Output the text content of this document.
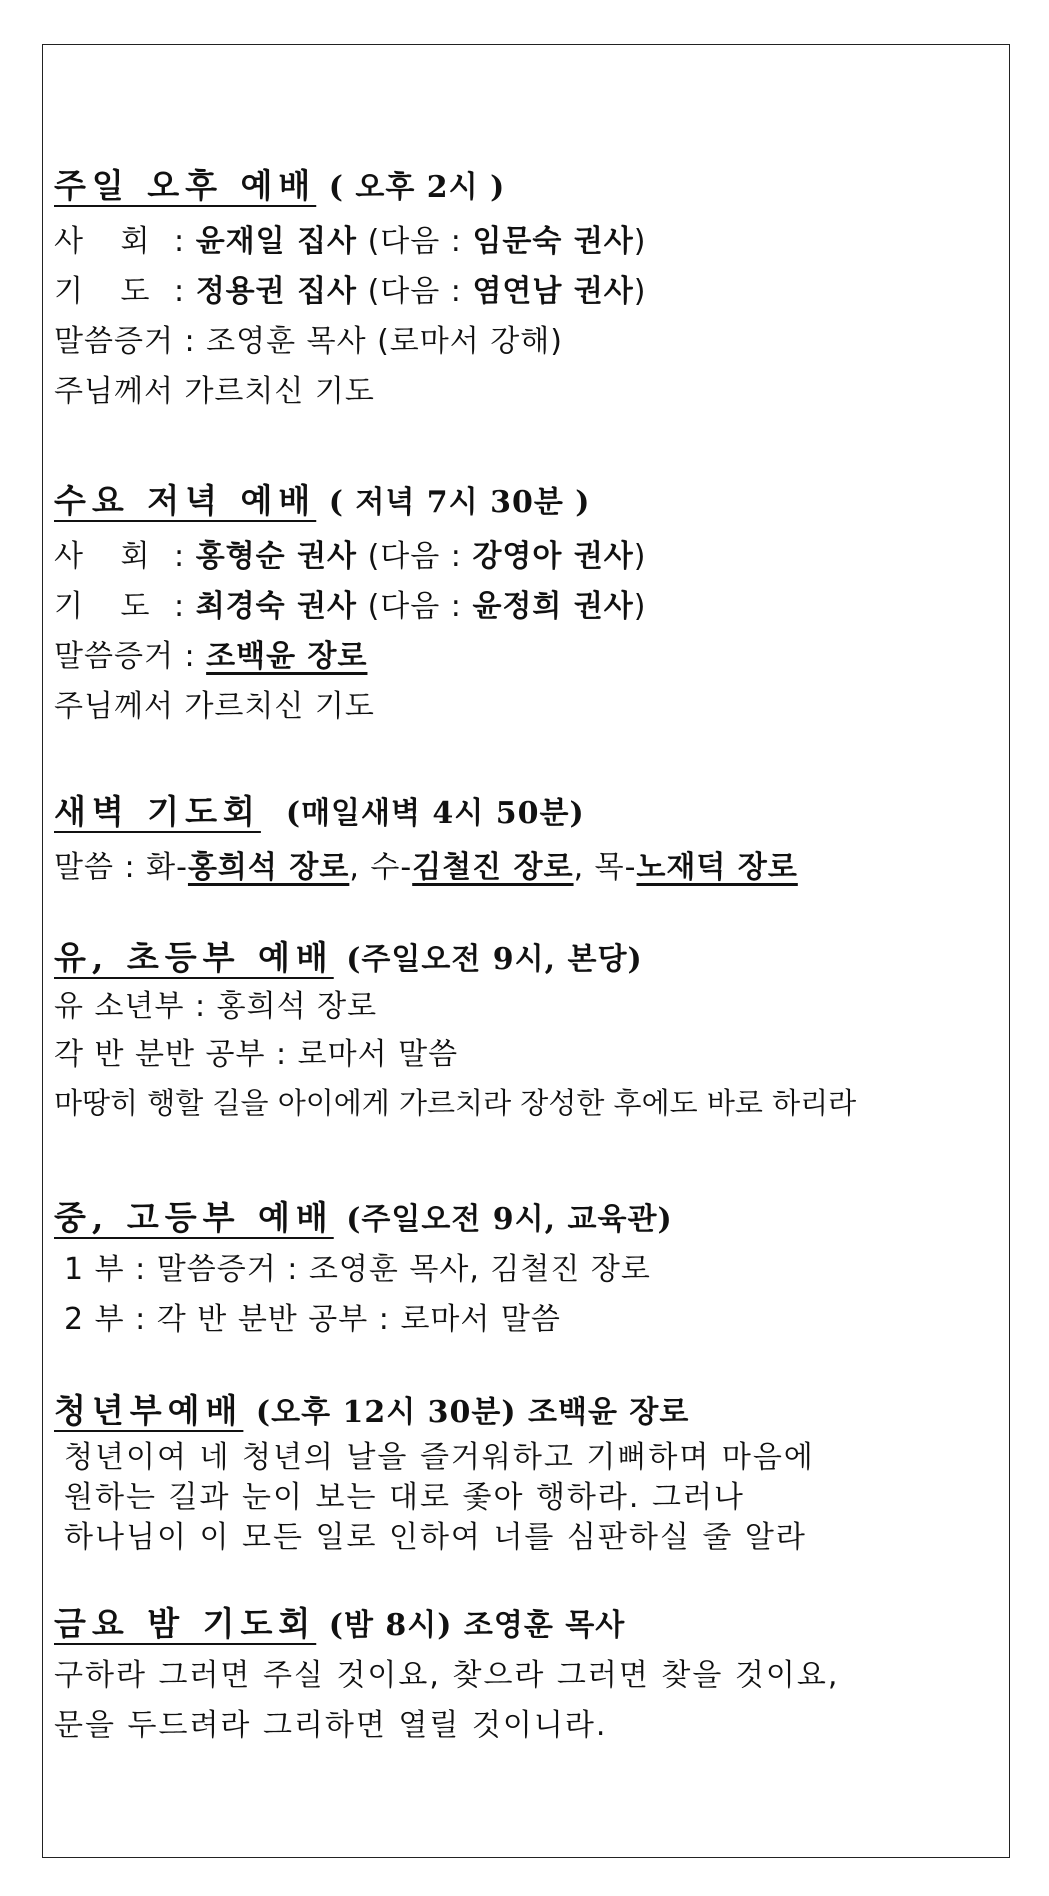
주일 오후 예배 ( 오후 2시 )
사 회 : 윤재일 집사 (다음 : 임문숙 권사)
기 도 : 정용권 집사 (다음 : 염연남 권사)
말씀증거 : 조영훈 목사 (로마서 강해)
주님께서 가르치신 기도
수요 저녁 예배 ( 저녁 7시 30분 )
사 회 : 홍형순 권사 (다음 : 강영아 권사)
기 도 : 최경숙 권사 (다음 : 윤정희 권사)
말씀증거 : 조백윤 장로
주님께서 가르치신 기도
새벽 기도회 (매일새벽 4시 50분)
말씀 : 화-홍희석 장로, 수-김철진 장로, 목-노재덕 장로
유, 초등부 예배 (주일오전 9시, 본당)
유 소년부 : 홍희석 장로
각 반 분반 공부 : 로마서 말씀
마땅히 행할 길을 아이에게 가르치라 장성한 후에도 바로 하리라
중, 고등부 예배 (주일오전 9시, 교육관)
1 부 : 말씀증거 : 조영훈 목사, 김철진 장로
2 부 : 각 반 분반 공부 : 로마서 말씀
청년부예배 (오후 12시 30분) 조백윤 장로
청년이여 네 청년의 날을 즐거워하고 기뻐하며 마음에
원하는 길과 눈이 보는 대로 좇아 행하라. 그러나
하나님이 이 모든 일로 인하여 너를 심판하실 줄 알라
금요 밤 기도회 (밤 8시) 조영훈 목사
구하라 그러면 주실 것이요, 찾으라 그러면 찾을 것이요,
문을 두드려라 그리하면 열릴 것이니라.
